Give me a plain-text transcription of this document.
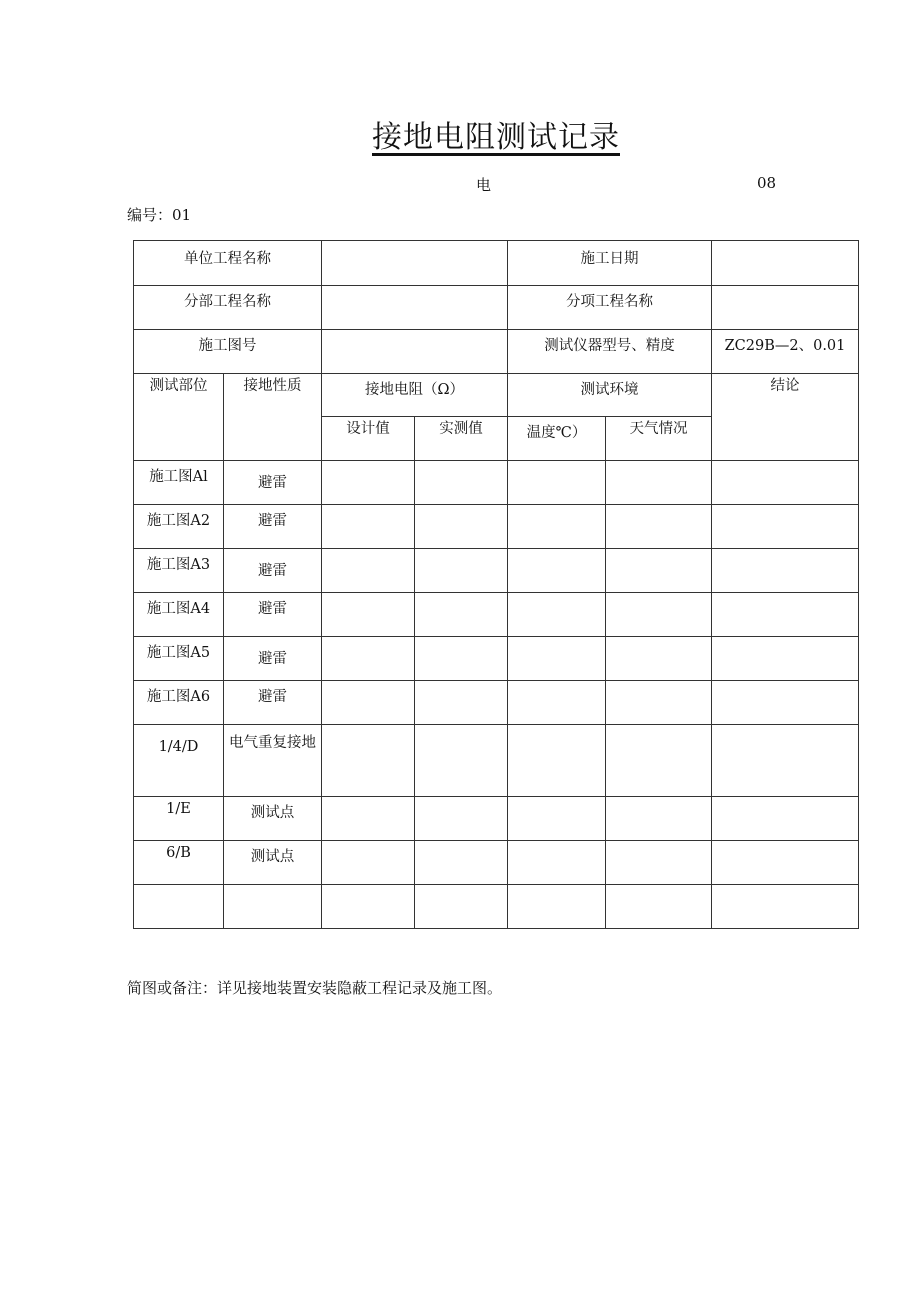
接地电阻测试记录
电	08
编号：01
单位工程名称				施工日期		
分部工程名称				分项工程名称		
施工图号				测试仪器型号、精度		ZC29B—2、0.01
测试部位	接地性质	接地电阻（Ω）		测试环境		结论
		设计值	实测值	温度℃）	天气情况	
施工图Al	避雷					
施工图A2	避雷					
施工图A3	避雷					
施工图A4	避雷					
施工图A5	避雷					
施工图A6	避雷					
1/4/D	电气重复接地					
1/E	测试点					
6/B	测试点					

简图或备注：详见接地装置安装隐蔽工程记录及施工图。
